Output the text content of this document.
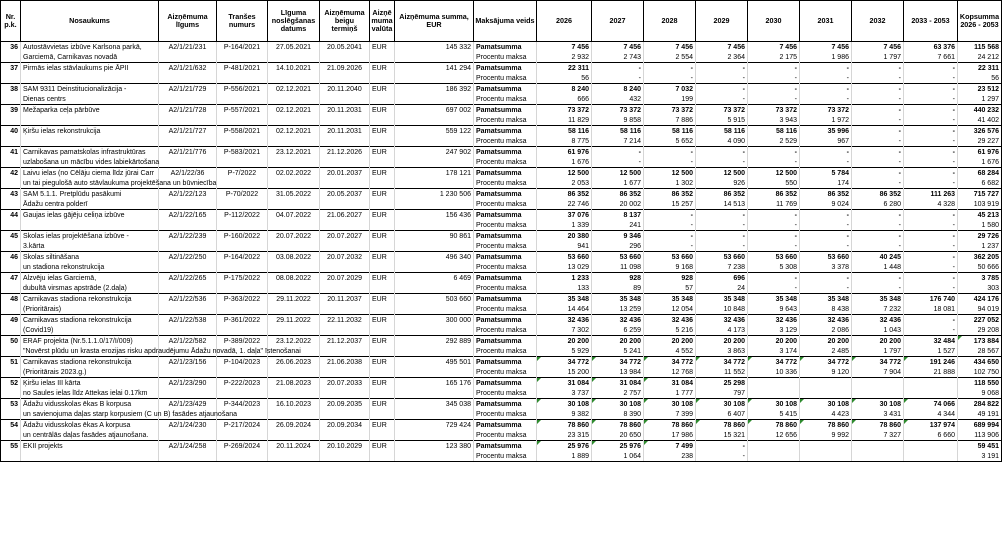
Nr. p.k.	Nosaukums	Aizņēmuma līgums	Tranšes numurs	Līguma noslēgšanas datums	Aizņēmuma beigu termiņš	Aizņē muma valūta	Aizņēmuma summa, EUR	Maksājuma veids	2026	2027	2028	2029	2030	2031	2032	2033 - 2053	Kopsumma 2026 - 2053
36	Autostāvvietas izbūve Karlsona parkā,	A2/1/21/231	P-164/2021	27.05.2021	20.05.2041	EUR	145 332	Pamatsumma	7 456	7 456	7 456	7 456	7 456	7 456	7 456	63 376	115 568
	Garciemā, Carnikavas novadā							Procentu maksa	2 932	2 743	2 554	2 364	2 175	1 986	1 797	7 661	24 212
37	Pirmās ielas stāvlaukums pie ĀPII	A2/1/21/632	P-481/2021	14.10.2021	21.09.2026	EUR	141 294	Pamatsumma	22 311	-	-	-	-	-	-	-	22 311
								Procentu maksa	56	-	-	-	-	-	-	-	56
38	SAM 9311 Deinstitucionalizācija -	A2/1/21/729	P-556/2021	02.12.2021	20.11.2040	EUR	186 392	Pamatsumma	8 240	8 240	7 032	-	-	-	-	-	23 512
	Dienas centrs							Procentu maksa	666	432	199	-	-	-	-	-	1 297
39	Mežaparka ceļa pārbūve	A2/1/21/728	P-557/2021	02.12.2021	20.11.2031	EUR	697 002	Pamatsumma	73 372	73 372	73 372	73 372	73 372	73 372	-	-	440 232
								Procentu maksa	11 829	9 858	7 886	5 915	3 943	1 972	-	-	41 402
40	Ķiršu ielas rekonstrukcija	A2/1/21/727	P-558/2021	02.12.2021	20.11.2031	EUR	559 122	Pamatsumma	58 116	58 116	58 116	58 116	58 116	35 996	-	-	326 576
								Procentu maksa	8 775	7 214	5 652	4 090	2 529	967	-	-	29 227
41	Carnikavas pamatskolas infrastruktūras	A2/1/21/776	P-583/2021	23.12.2021	21.12.2026	EUR	247 902	Pamatsumma	61 976	-	-	-	-	-	-	-	61 976
	uzlabošana un mācību vides labiekārtošana							Procentu maksa	1 676	-	-	-	-	-	-	-	1 676
42	Laivu ielas (no Cēlāju ciema līdz jūrai Carr	A2/1/22/36	P-7/2022	02.02.2022	20.01.2037	EUR	178 121	Pamatsumma	12 500	12 500	12 500	12 500	12 500	5 784	-	-	68 284
	un tai piegulošā auto stāvlaukuma projektēšana un būvniecība							Procentu maksa	2 053	1 677	1 302	926	550	174	-	-	6 682
43	SAM 5.1.1. Pretplūdu pasākumi	A2/1/22/123	P-70/2022	31.05.2022	20.05.2037	EUR	1 230 506	Pamatsumma	86 352	86 352	86 352	86 352	86 352	86 352	86 352	111 263	715 727
	Ādažu centra polderī							Procentu maksa	22 746	20 002	15 257	14 513	11 769	9 024	6 280	4 328	103 919
44	Gaujas ielas gājēju celiņa izbūve	A2/1/22/165	P-112/2022	04.07.2022	21.06.2027	EUR	156 436	Pamatsumma	37 076	8 137	-	-	-	-	-	-	45 213
								Procentu maksa	1 339	241	-	-	-	-	-	-	1 580
45	Skolas ielas projektēšana izbūve -	A2/1/22/239	P-160/2022	20.07.2022	20.07.2027	EUR	90 861	Pamatsumma	20 380	9 346	-	-	-	-	-	-	29 726
	3.kārta							Procentu maksa	941	296	-	-	-	-	-	-	1 237
46	Skolas siltināšana	A2/1/22/250	P-164/2022	03.08.2022	20.07.2032	EUR	496 340	Pamatsumma	53 660	53 660	53 660	53 660	53 660	53 660	40 245	-	362 205
	un stadiona rekonstrukcija							Procentu maksa	13 029	11 098	9 168	7 238	5 308	3 378	1 448	-	50 666
47	Alzvēju ielas Garciemā,	A2/1/22/265	P-175/2022	08.08.2022	20.07.2029	EUR	6 469	Pamatsumma	1 233	928	928	696	-	-	-	-	3 785
	dubultā virsmas apstrāde (2.daļa)							Procentu maksa	133	89	57	24	-	-	-	-	303
48	Carnikavas stadiona rekonstrukcija	A2/1/22/536	P-363/2022	29.11.2022	20.11.2037	EUR	503 660	Pamatsumma	35 348	35 348	35 348	35 348	35 348	35 348	35 348	176 740	424 176
	(Prioritārais)							Procentu maksa	14 464	13 259	12 054	10 848	9 643	8 438	7 232	18 081	94 019
49	Carnikavas stadiona rekonstrukcija	A2/1/22/538	P-361/2022	29.11.2022	22.11.2032	EUR	300 000	Pamatsumma	32 436	32 436	32 436	32 436	32 436	32 436	32 436	-	227 052
	(Covid19)							Procentu maksa	7 302	6 259	5 216	4 173	3 129	2 086	1 043	-	29 208
50	ERAF projekta (Nr.5.1.1.0/17/I/009)	A2/1/22/582	P-389/2022	23.12.2022	21.12.2037	EUR	292 889	Pamatsumma	20 200	20 200	20 200	20 200	20 200	20 200	20 200	32 484	173 884
	"Novērst plūdu un krasta erozijas risku apdraudējumu Ādažu novadā, 1. daļa" īstenošanai							Procentu maksa	5 929	5 241	4 552	3 863	3 174	2 485	1 797	1 527	28 567
51	Carnikavas stadiona rekonstrukcija	A2/1/23/156	P-104/2023	26.06.2023	21.06.2038	EUR	495 501	Pamatsumma	34 772	34 772	34 772	34 772	34 772	34 772	34 772	191 246	434 650
	(Prioritārais 2023.g.)							Procentu maksa	15 200	13 984	12 768	11 552	10 336	9 120	7 904	21 888	102 750
52	Ķiršu ielas III kārta	A2/1/23/290	P-222/2023	21.08.2023	20.07.2033	EUR	165 176	Pamatsumma	31 084	31 084	31 084	25 298					118 550
	no Saules ielas līdz Attekas ielai 0.17km							Procentu maksa	3 737	2 757	1 777	797					9 068
53	Ādažu vidusskolas ēkas B korpusa	A2/1/23/429	P-344/2023	16.10.2023	20.09.2035	EUR	345 038	Pamatsumma	30 108	30 108	30 108	30 108	30 108	30 108	30 108	74 066	284 822
	un savienojuma daļas starp korpusiem (C un B) fasādes atjaunošana							Procentu maksa	9 382	8 390	7 399	6 407	5 415	4 423	3 431	4 344	49 191
54	Ādažu vidusskolas ēkas A korpusa	A2/1/24/230	P-217/2024	26.09.2024	20.09.2034	EUR	729 424	Pamatsumma	78 860	78 860	78 860	78 860	78 860	78 860	78 860	137 974	689 994
	un centrālās daļas fasādes atjaunošana.							Procentu maksa	23 315	20 650	17 986	15 321	12 656	9 992	7 327	6 660	113 906
55	EKII projekts	A2/1/24/258	P-269/2024	20.11.2024	20.10.2029	EUR	123 380	Pamatsumma	25 976	25 976	7 499	-					59 451
								Procentu maksa	1 889	1 064	238	-					3 191
